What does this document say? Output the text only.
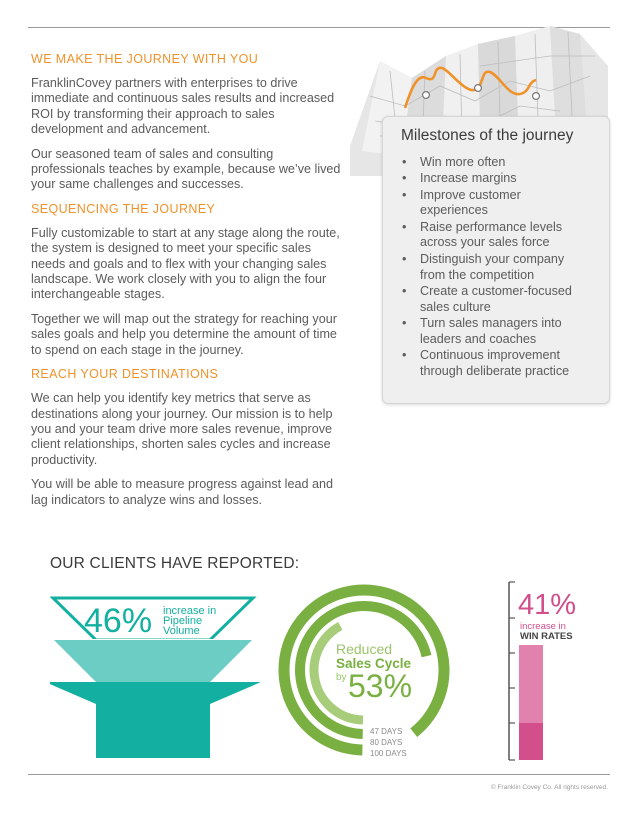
WE MAKE THE JOURNEY WITH YOU

FranklinCovey partners with enterprises to drive immediate and continuous sales results and increased ROI by transforming their approach to sales development and advancement.

Our seasoned team of sales and consulting professionals teaches by example, because we’ve lived your same challenges and successes.

SEQUENCING THE JOURNEY

Fully customizable to start at any stage along the route, the system is designed to meet your specific sales needs and goals and to flex with your changing sales landscape. We work closely with you to align the four interchangeable stages.

Together we will map out the strategy for reaching your sales goals and help you determine the amount of time to spend on each stage in the journey.

REACH YOUR DESTINATIONS

We can help you identify key metrics that serve as destinations along your journey. Our mission is to help you and your team drive more sales revenue, improve client relationships, shorten sales cycles and increase productivity.

You will be able to measure progress against lead and lag indicators to analyze wins and losses.

Milestones of the journey
• Win more often
• Increase margins
• Improve customer
experiences
• Raise performance levels
across your sales force
• Distinguish your company
from the competition
• Create a customer-focused
sales culture
• Turn sales managers into
leaders and coaches
• Continuous improvement
through deliberate practice
OUR CLIENTS HAVE REPORTED:
46% increase in
Pipeline
Volume
Reduced
Sales Cycle
by 53%
47 DAYS
80 DAYS
100 DAYS
41%
increase in
WIN RATES
© Franklin Covey Co. All rights reserved.
